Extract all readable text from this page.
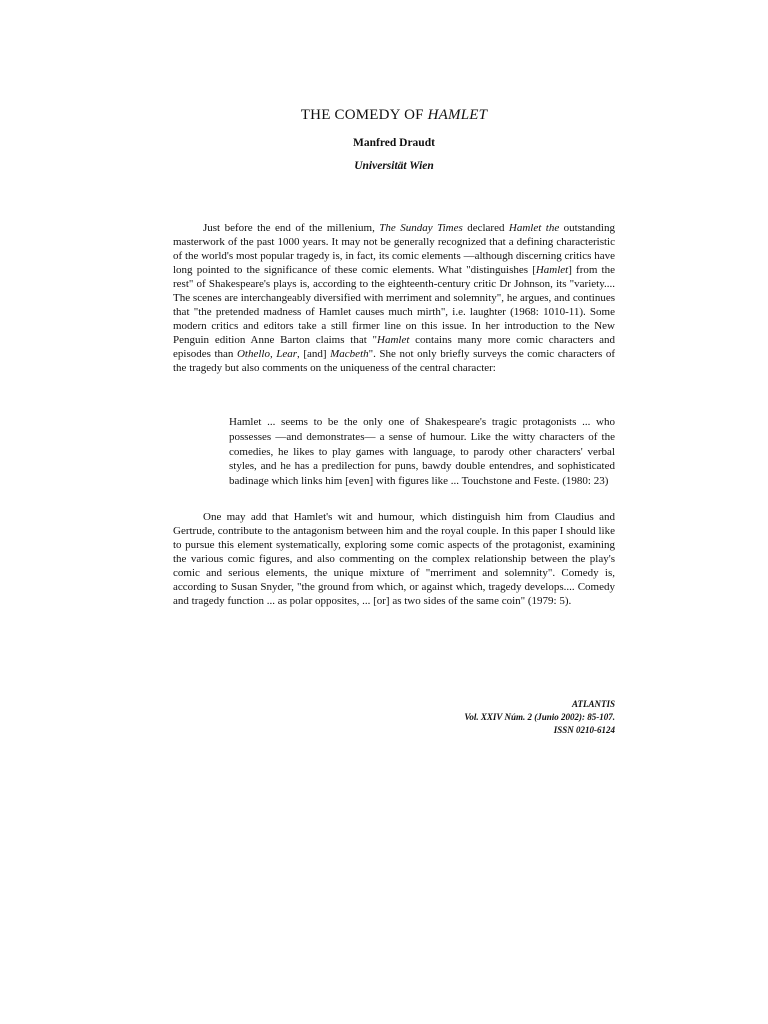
THE COMEDY OF HAMLET
Manfred Draudt
Universität Wien

Just before the end of the millenium, The Sunday Times declared Hamlet the outstanding masterwork of the past 1000 years. It may not be generally recognized that a defining characteristic of the world's most popular tragedy is, in fact, its comic elements —although discerning critics have long pointed to the significance of these comic elements. What "distinguishes [Hamlet] from the rest" of Shakespeare's plays is, according to the eighteenth-century critic Dr Johnson, its "variety.... The scenes are interchangeably diversified with merriment and solemnity", he argues, and continues that "the pretended madness of Hamlet causes much mirth", i.e. laughter (1968: 1010-11). Some modern critics and editors take a still firmer line on this issue. In her introduction to the New Penguin edition Anne Barton claims that "Hamlet contains many more comic characters and episodes than Othello, Lear, [and] Macbeth". She not only briefly surveys the comic characters of the tragedy but also comments on the uniqueness of the central character:

Hamlet ... seems to be the only one of Shakespeare's tragic protagonists ... who possesses —and demonstrates— a sense of humour. Like the witty characters of the comedies, he likes to play games with language, to parody other characters' verbal styles, and he has a predilection for puns, bawdy double entendres, and sophisticated badinage which links him [even] with figures like ... Touchstone and Feste. (1980: 23)

One may add that Hamlet's wit and humour, which distinguish him from Claudius and Gertrude, contribute to the antagonism between him and the royal couple. In this paper I should like to pursue this element systematically, exploring some comic aspects of the protagonist, examining the various comic figures, and also commenting on the complex relationship between the play's comic and serious elements, the unique mixture of "merriment and solemnity". Comedy is, according to Susan Snyder, "the ground from which, or against which, tragedy develops.... Comedy and tragedy function ... as polar opposites, ... [or] as two sides of the same coin" (1979: 5).

ATLANTIS
Vol. XXIV Núm. 2 (Junio 2002): 85-107.
ISSN 0210-6124
